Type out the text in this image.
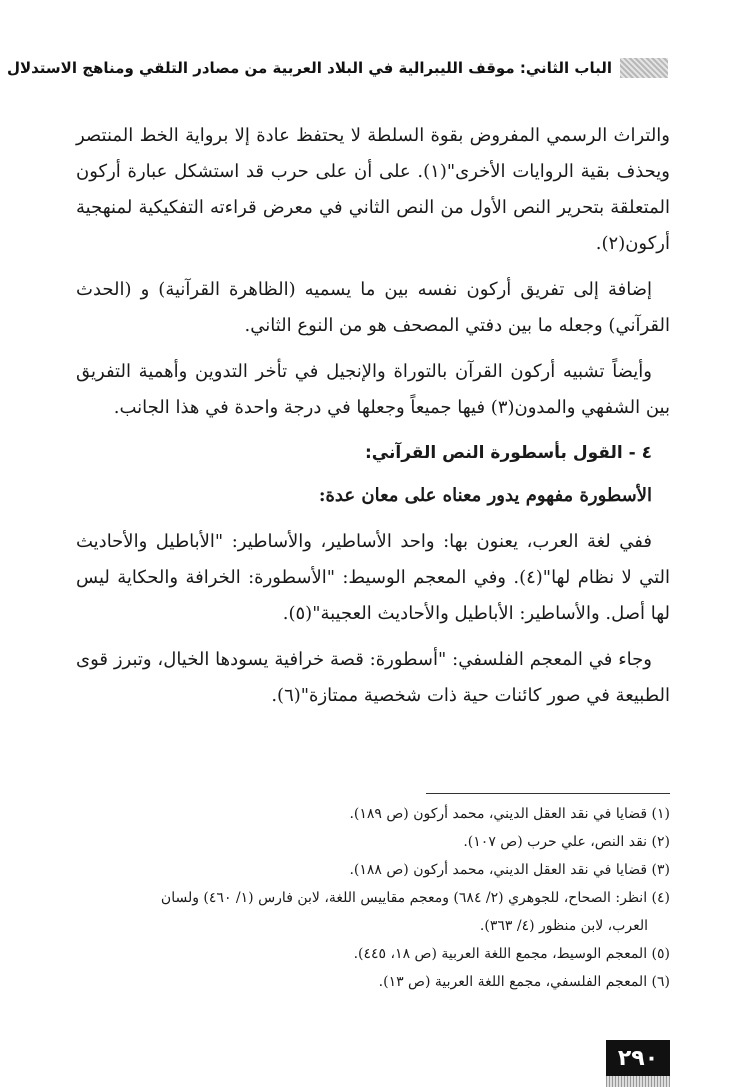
الباب الثاني: موقف الليبرالية في البلاد العربية من مصادر التلقي ومناهج الاستدلال

والتراث الرسمي المفروض بقوة السلطة لا يحتفظ عادة إلا برواية الخط المنتصر ويحذف بقية الروايات الأخرى"(١). على أن على حرب قد استشكل عبارة أركون المتعلقة بتحرير النص الأول من النص الثاني في معرض قراءته التفكيكية لمنهجية أركون(٢).

إضافة إلى تفريق أركون نفسه بين ما يسميه (الظاهرة القرآنية) و (الحدث القرآني) وجعله ما بين دفتي المصحف هو من النوع الثاني.

وأيضاً تشبيه أركون القرآن بالتوراة والإنجيل في تأخر التدوين وأهمية التفريق بين الشفهي والمدون(٣) فيها جميعاً وجعلها في درجة واحدة في هذا الجانب.

٤ - القول بأسطورة النص القرآني:

الأسطورة مفهوم يدور معناه على معان عدة:

ففي لغة العرب، يعنون بها: واحد الأساطير، والأساطير: "الأباطيل والأحاديث التي لا نظام لها"(٤). وفي المعجم الوسيط: "الأسطورة: الخرافة والحكاية ليس لها أصل. والأساطير: الأباطيل والأحاديث العجيبة"(٥).

وجاء في المعجم الفلسفي: "أسطورة: قصة خرافية يسودها الخيال، وتبرز قوى الطبيعة في صور كائنات حية ذات شخصية ممتازة"(٦).

(١) قضايا في نقد العقل الديني، محمد أركون (ص ١٨٩).

(٢) نقد النص، علي حرب (ص ١٠٧).

(٣) قضايا في نقد العقل الديني، محمد أركون (ص ١٨٨).

(٤) انظر: الصحاح، للجوهري (٢/ ٦٨٤) ومعجم مقاييس اللغة، لابن فارس (١/ ٤٦٠) ولسان

العرب، لابن منظور (٤/ ٣٦٣).

(٥) المعجم الوسيط، مجمع اللغة العربية (ص ١٨، ٤٤٥).

(٦) المعجم الفلسفي، مجمع اللغة العربية (ص ١٣).

٢٩٠
